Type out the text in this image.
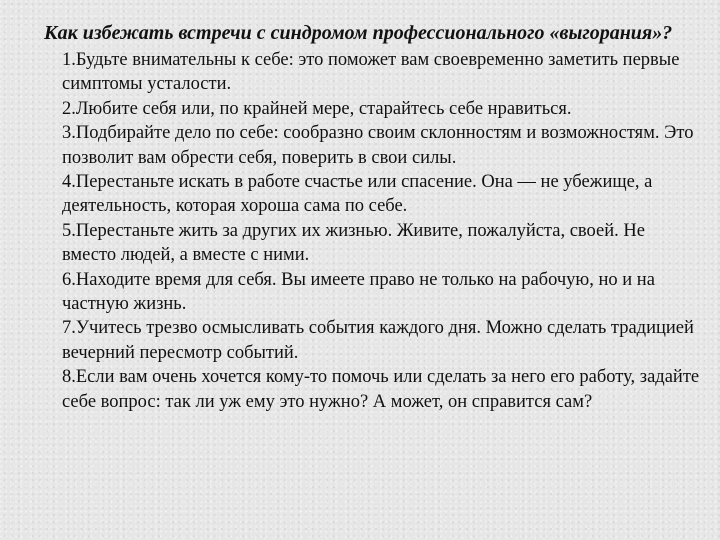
Как избежать встречи с синдромом профессионального «выгорания»?

1.Будьте внимательны к себе: это поможет вам своевременно заметить первые симптомы усталости.

2.Любите себя или, по крайней мере, старайтесь себе нравиться.

3.Подбирайте дело по себе: сообразно своим склонностям и возможностям. Это позволит вам обрести себя, поверить в свои силы.

4.Перестаньте искать в работе счастье или спасение. Она — не убежище, а деятельность, которая хороша сама по себе.

5.Перестаньте жить за других их жизнью. Живите, пожалуйста, своей. Не вместо людей, а вместе с ними.

6.Находите время для себя. Вы имеете право не только на рабочую, но и на частную жизнь.

7.Учитесь трезво осмысливать события каждого дня. Можно сделать традицией вечерний пересмотр событий.

8.Если вам очень хочется кому-то помочь или сделать за него его работу, задайте себе вопрос: так ли уж ему это нужно? А может, он справится сам?
